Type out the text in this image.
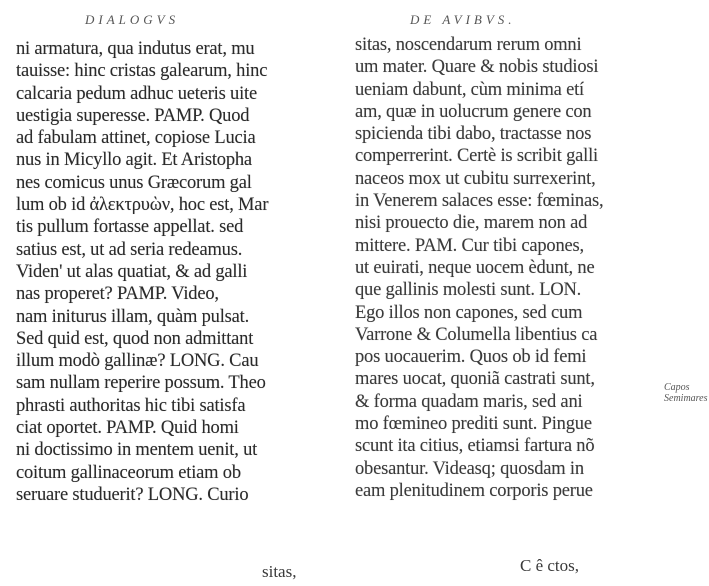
DIALOGVS
ni armatura, qua indutus erat, mu
tauisse: hinc cristas galearum, hinc
calcaria pedum adhuc ueteris uite
uestigia superesse. PAMP. Quod
ad fabulam attinet, copiose Lucia
nus in Micyllo agit. Et Aristopha
nes comicus unus Græcorum gal
lum ob id ἀλεκτρυὼν, hoc est, Mar
tis pullum fortasse appellat. sed
satius est, ut ad seria redeamus.
Viden' ut alas quatiat, & ad galli
nas properet? PAMP. Video,
nam initurus illam, quàm pulsat.
Sed quid est, quod non admittant
illum modò gallinæ? LONG. Cau
sam nullam reperire possum. Theo
phrasti authoritas hic tibi satisfa
ciat oportet. PAMP. Quid homi
ni doctissimo in mentem uenit, ut
coitum gallinaceorum etiam ob
seruare studuerit? LONG. Curio
sitas,
DE AVIBVS.
sitas, noscendarum rerum omni
um mater. Quare & nobis studiosi
ueniam dabunt, cùm minima etí
am, quæ in uolucrum genere con
spicienda tibi dabo, tractasse nos
comperrerint. Certè is scribit galli
naceos mox ut cubitu surrexerint,
in Venerem salaces esse: fœminas,
nisi prouecto die, marem non ad
mittere. PAM. Cur tibi capones,
ut euirati, neque uocem èdunt, ne
que gallinis molesti sunt. LON.
Ego illos non capones, sed cum
Varrone & Columella libentius ca
pos uocauerim. Quos ob id femi
mares uocat, quoniã castrati sunt,
& forma quadam maris, sed ani
mo fœmineo prediti sunt. Pingue
scunt ita citius, etiamsi fartura nõ
obesantur. Videasq; quosdam in
eam plenitudinem corporis perue
C ê ctos,
Capos Semimares
